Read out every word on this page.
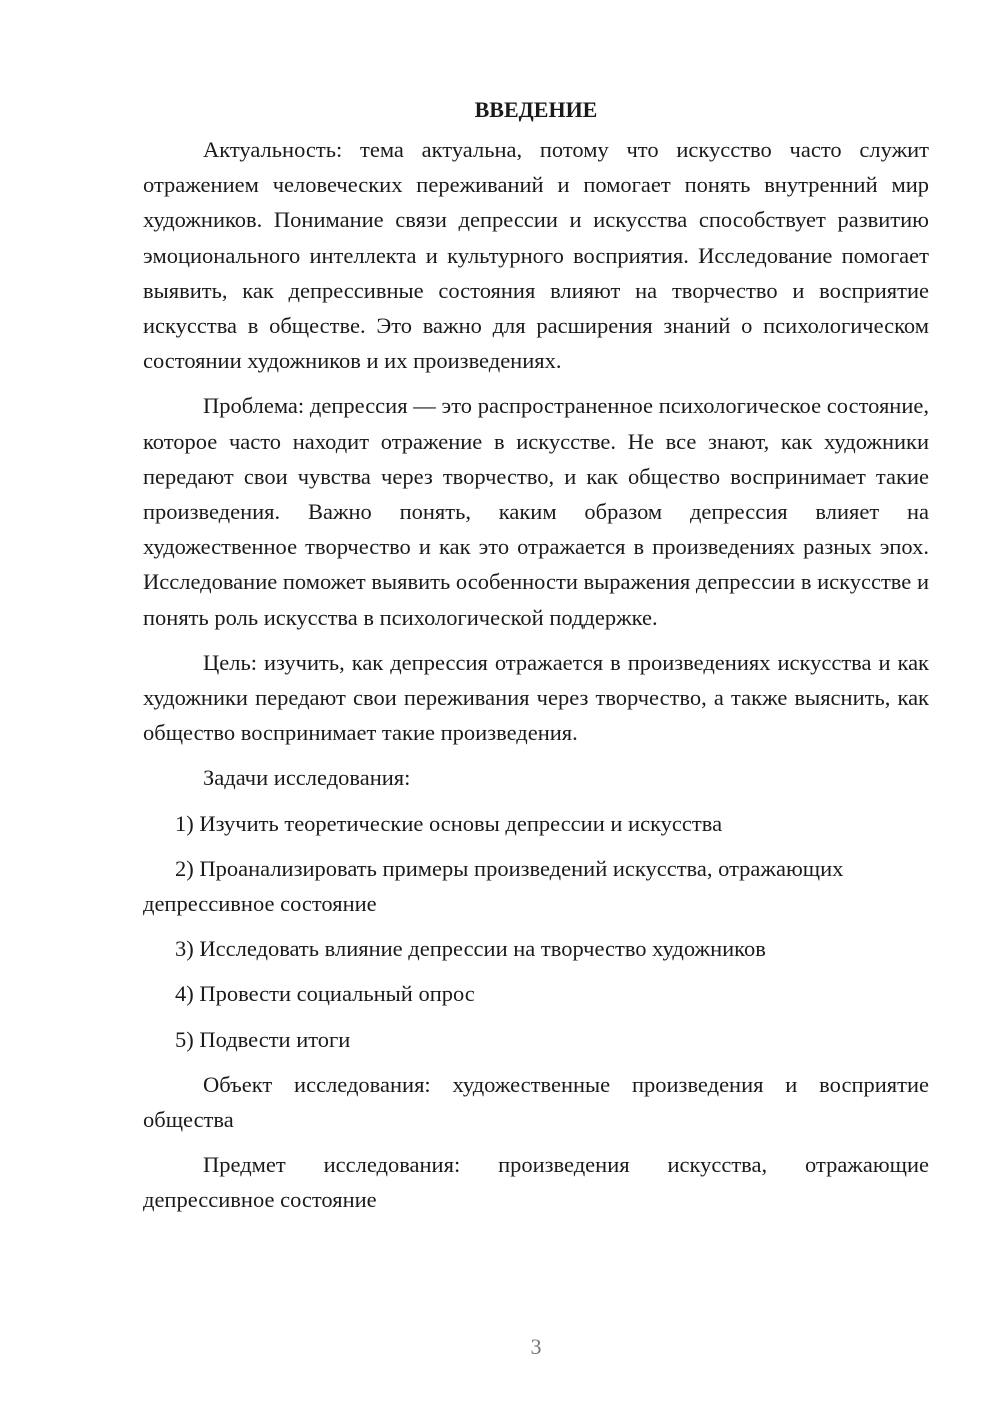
ВВЕДЕНИЕ

Актуальность: тема актуальна, потому что искусство часто служит отражением человеческих переживаний и помогает понять внутренний мир художников. Понимание связи депрессии и искусства способствует развитию эмоционального интеллекта и культурного восприятия. Исследование помогает выявить, как депрессивные состояния влияют на творчество и восприятие искусства в обществе. Это важно для расширения знаний о психологическом состоянии художников и их произведениях.

Проблема: депрессия — это распространенное психологическое состояние, которое часто находит отражение в искусстве. Не все знают, как художники передают свои чувства через творчество, и как общество воспринимает такие произведения. Важно понять, каким образом депрессия влияет на художественное творчество и как это отражается в произведениях разных эпох. Исследование поможет выявить особенности выражения депрессии в искусстве и понять роль искусства в психологической поддержке.

Цель: изучить, как депрессия отражается в произведениях искусства и как художники передают свои переживания через творчество, а также выяснить, как общество воспринимает такие произведения.

Задачи исследования:

1) Изучить теоретические основы депрессии и искусства

2) Проанализировать примеры произведений искусства, отражающих депрессивное состояние

3) Исследовать влияние депрессии на творчество художников

4) Провести социальный опрос

5) Подвести итоги

Объект исследования: художественные произведения и восприятие общества

Предмет исследования: произведения искусства, отражающие депрессивное состояние

3
